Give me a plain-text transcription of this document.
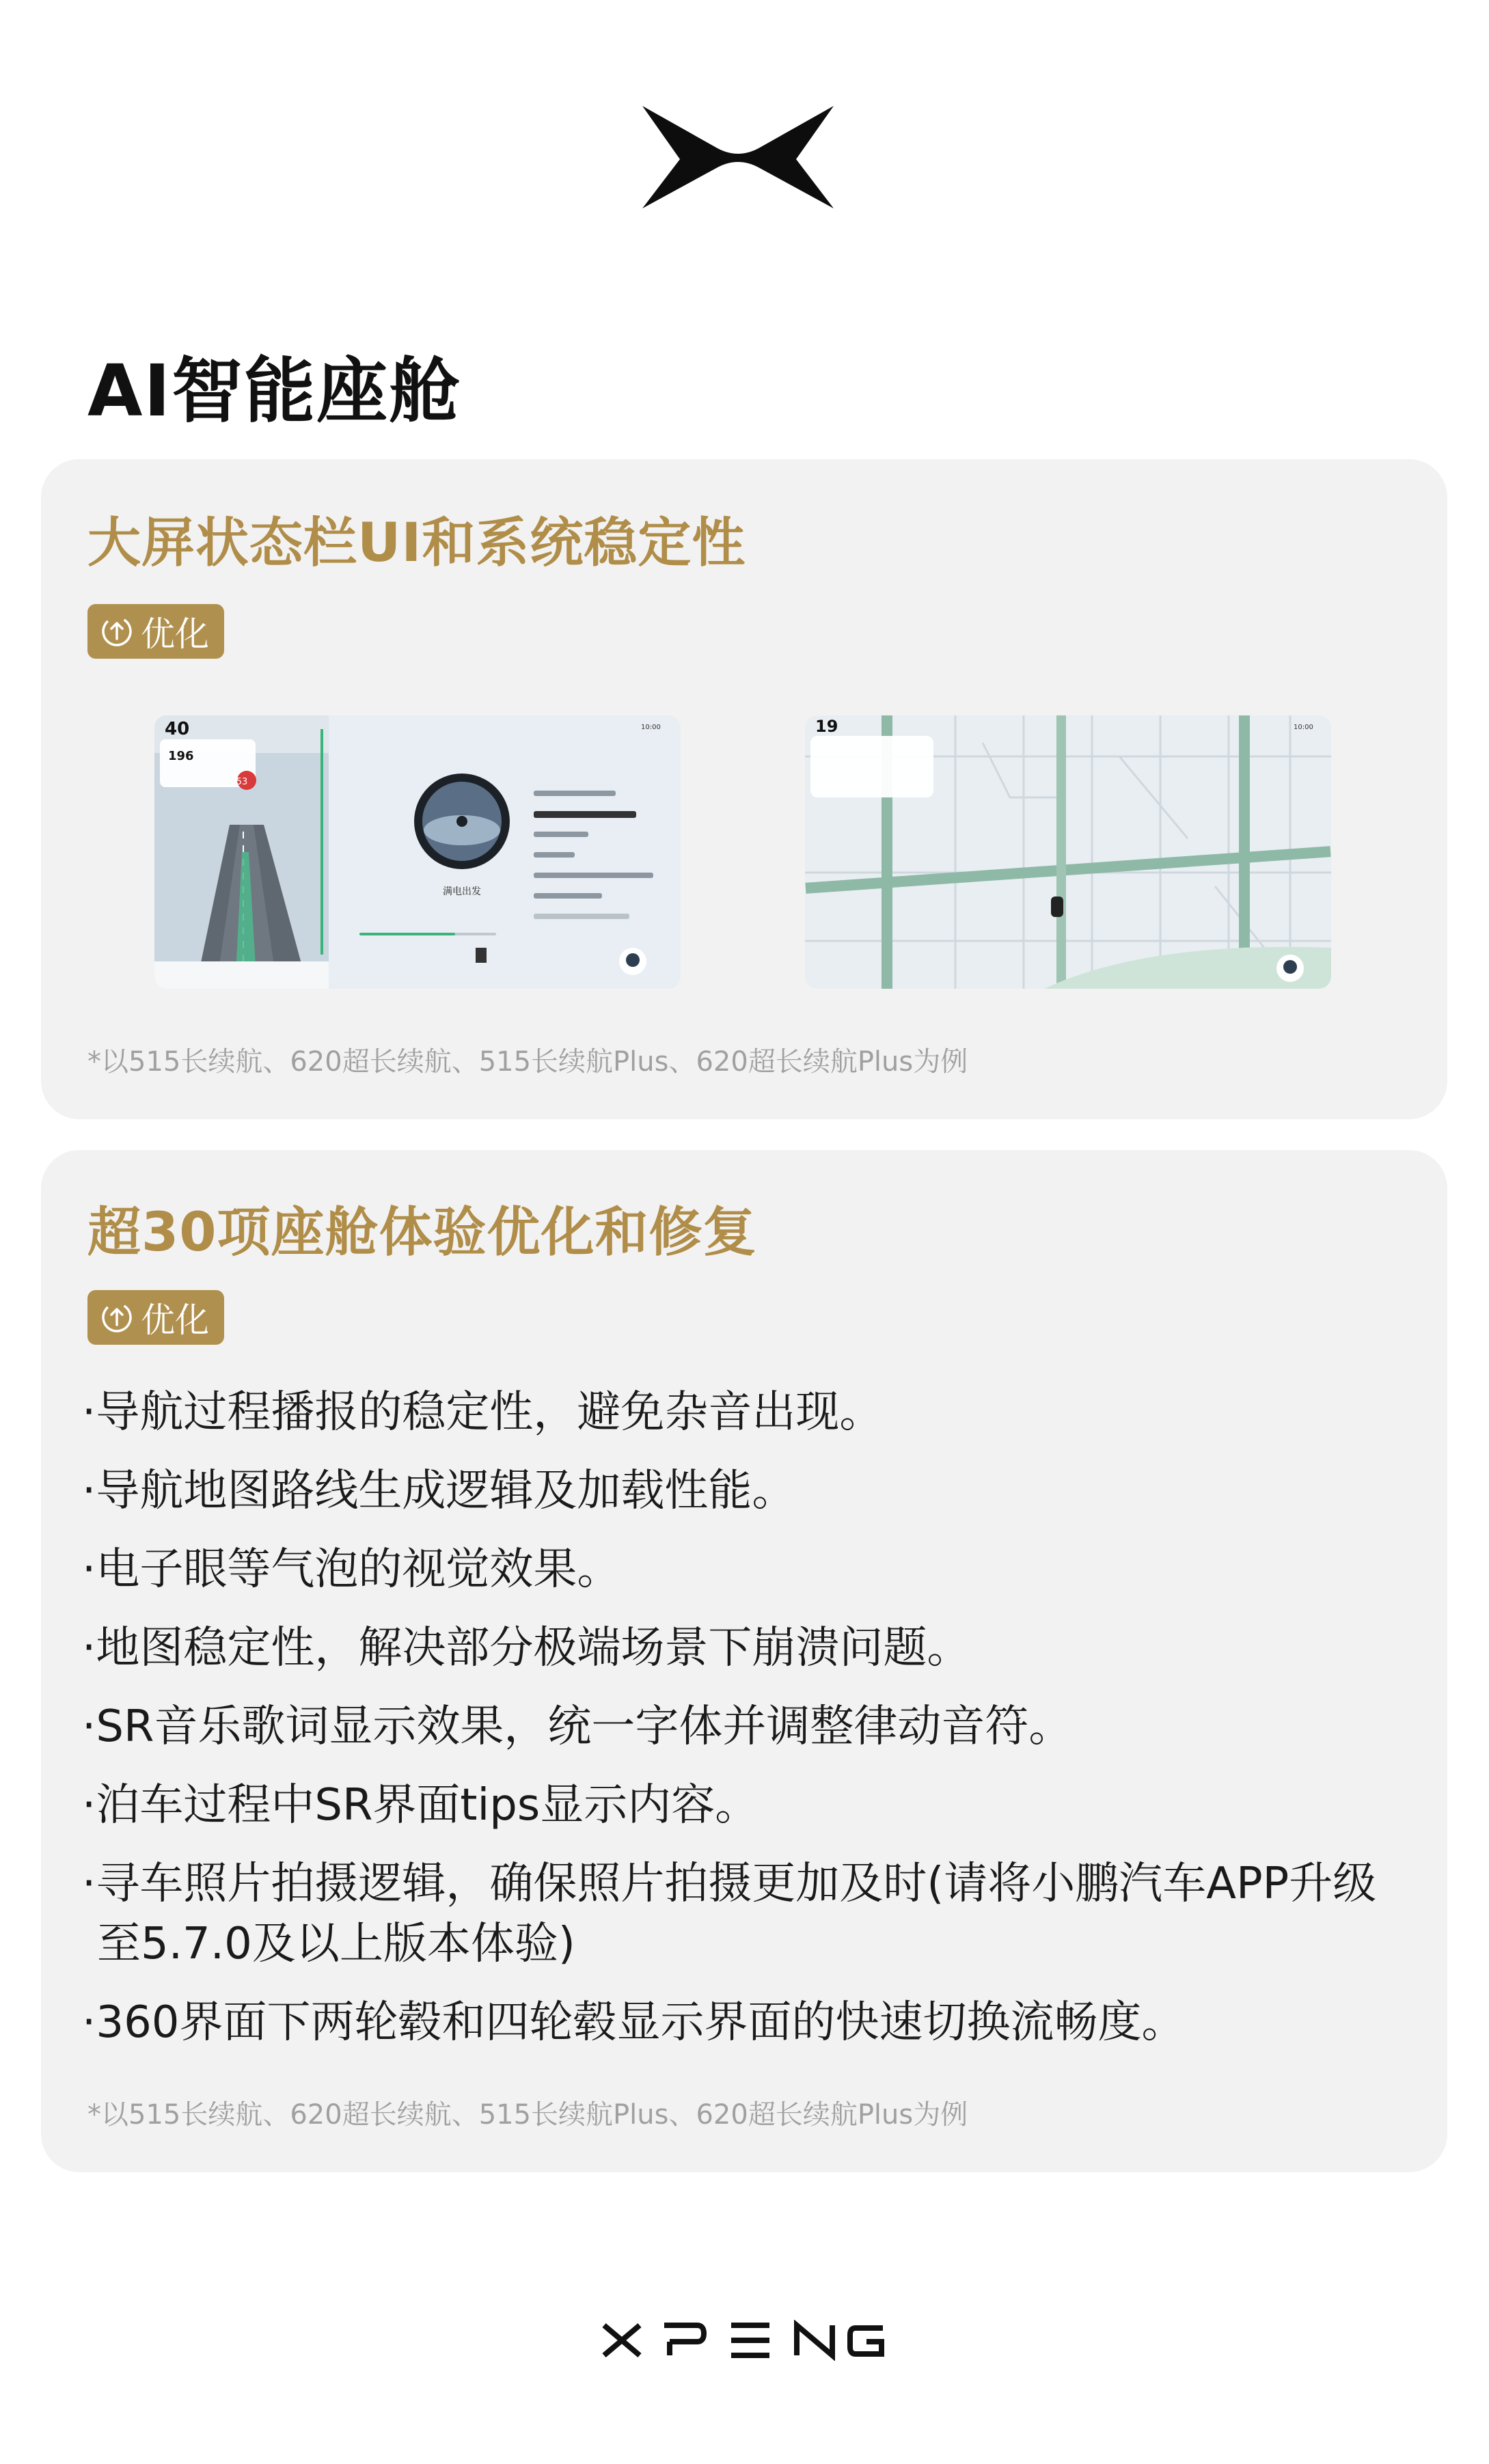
AI智能座舱
大屏状态栏UI和系统稳定性
优化
40
196
53
10:00
满电出发
19	10:00
*以515长续航、620超长续航、515长续航Plus、620超长续航Plus为例
超30项座舱体验优化和修复
优化
·导航过程播报的稳定性，避免杂音出现。
·导航地图路线生成逻辑及加载性能。
·电子眼等气泡的视觉效果。
·地图稳定性，解决部分极端场景下崩溃问题。
·SR音乐歌词显示效果，统一字体并调整律动音符。
·泊车过程中SR界面tips显示内容。
·寻车照片拍摄逻辑，确保照片拍摄更加及时(请将小鹏汽车APP升级至5.7.0及以上版本体验)
·360界面下两轮毂和四轮毂显示界面的快速切换流畅度。
*以515长续航、620超长续航、515长续航Plus、620超长续航Plus为例
